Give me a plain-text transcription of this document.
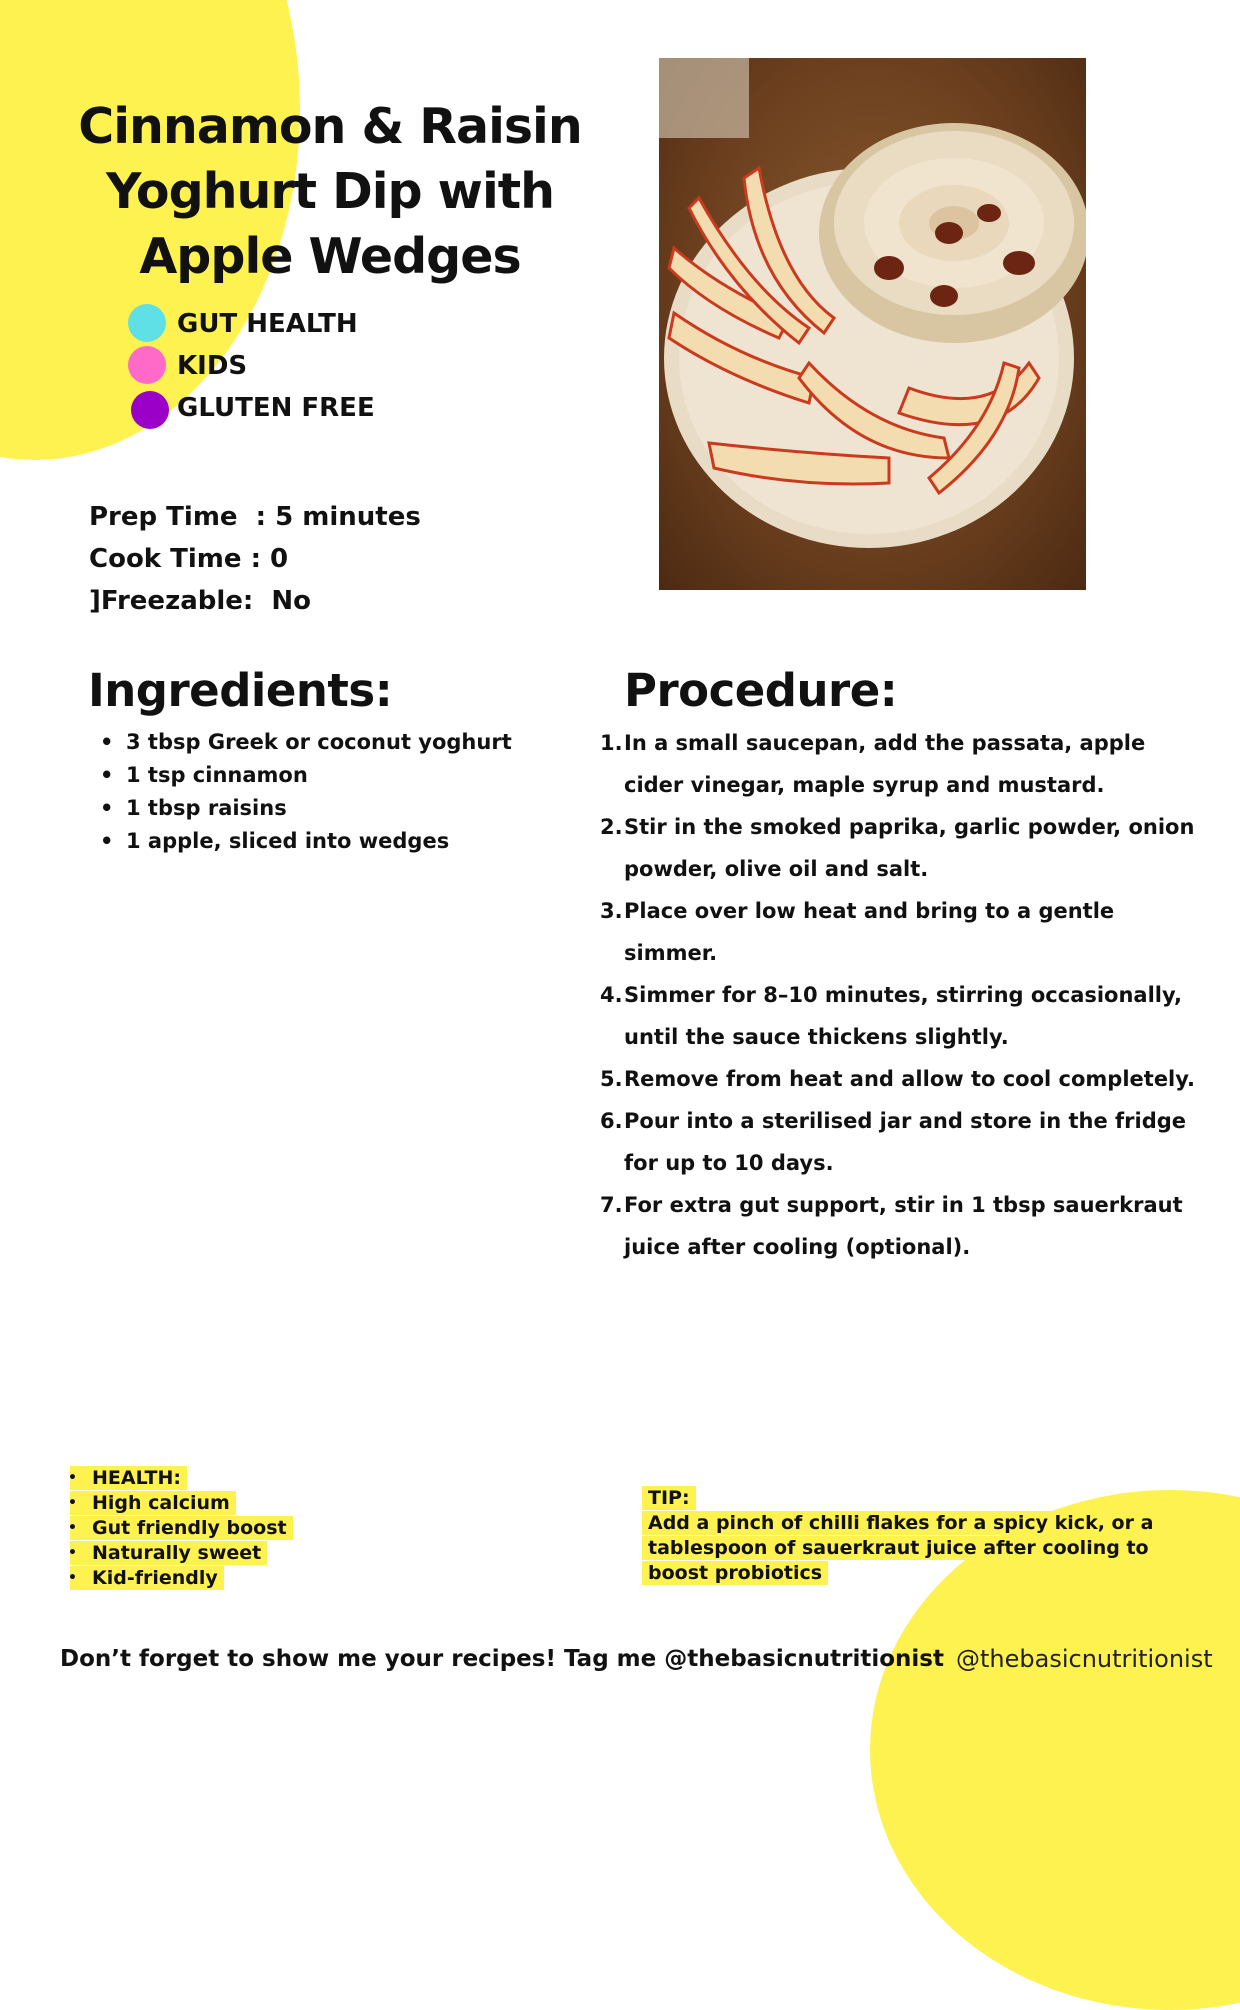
Cinnamon & Raisin
Yoghurt Dip with
Apple Wedges
GUT HEALTH
KIDS
GLUTEN FREE
Prep Time  : 5 minutes
Cook Time : 0
]Freezable:  No
Ingredients:
• 3 tbsp Greek or coconut yoghurt
• 1 tsp cinnamon
• 1 tbsp raisins
• 1 apple, sliced into wedges
Procedure:
1. In a small saucepan, add the passata, apple cider vinegar, maple syrup and mustard.
2. Stir in the smoked paprika, garlic powder, onion powder, olive oil and salt.
3. Place over low heat and bring to a gentle simmer.
4. Simmer for 8–10 minutes, stirring occasionally, until the sauce thickens slightly.
5. Remove from heat and allow to cool completely.
6. Pour into a sterilised jar and store in the fridge for up to 10 days.
7. For extra gut support, stir in 1 tbsp sauerkraut juice after cooling (optional).
• HEALTH:
• High calcium
• Gut friendly boost
• Naturally sweet
• Kid-friendly
TIP:
Add a pinch of chilli flakes for a spicy kick, or a tablespoon of sauerkraut juice after cooling to boost probiotics
Don’t forget to show me your recipes! Tag me @thebasicnutritionist @thebasicnutritionist
